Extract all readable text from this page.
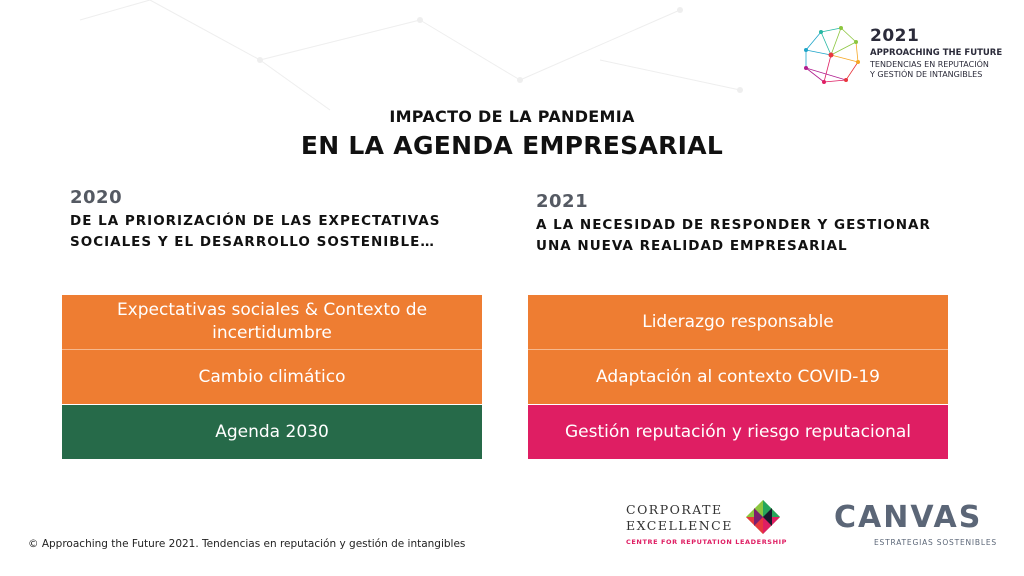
2021
APPROACHING THE FUTURE
TENDENCIAS EN REPUTACIÓN
Y GESTIÓN DE INTANGIBLES
IMPACTO DE LA PANDEMIA
EN LA AGENDA EMPRESARIAL
2020
DE LA PRIORIZACIÓN DE LAS EXPECTATIVAS
SOCIALES Y EL DESARROLLO SOSTENIBLE…
Expectativas sociales & Contexto de incertidumbre
Cambio climático
Agenda 2030
2021
A LA NECESIDAD DE RESPONDER Y GESTIONAR
UNA NUEVA REALIDAD EMPRESARIAL
Liderazgo responsable
Adaptación al contexto COVID-19
Gestión reputación y riesgo reputacional
© Approaching the Future 2021. Tendencias en reputación y gestión de intangibles
CORPORATE
EXCELLENCE
CENTRE FOR REPUTATION LEADERSHIP
CANVAS
ESTRATEGIAS SOSTENIBLES
